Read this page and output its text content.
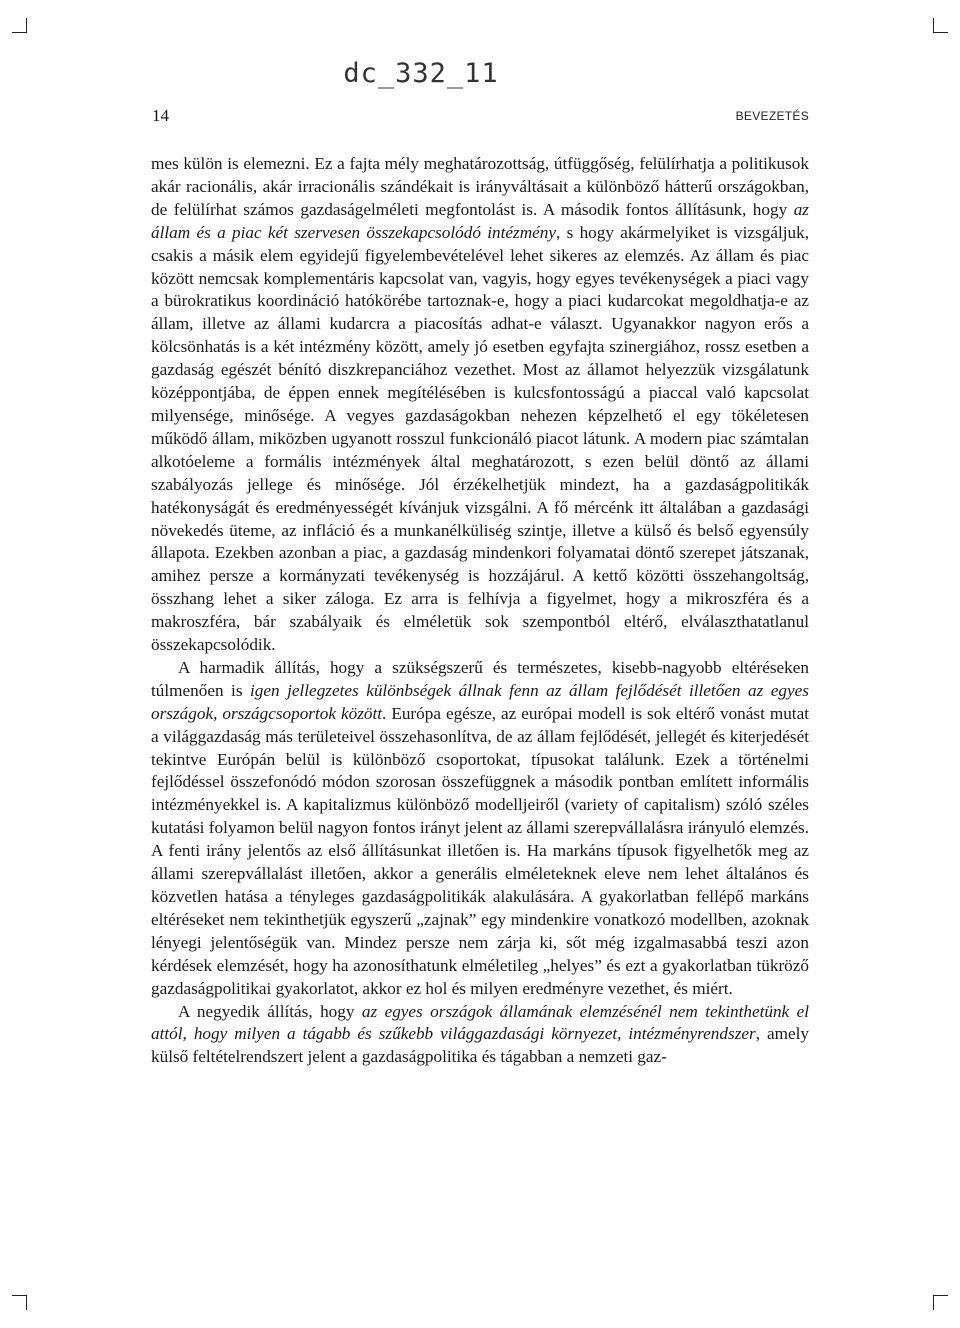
dc_332_11
14	BEVEZETÉS

mes külön is elemezni. Ez a fajta mély meghatározottság, útfüggőség, felülírhatja a politikusok akár racionális, akár irracionális szándékait is irányváltásait a különböző hátterű országokban, de felülírhat számos gazdaságelméleti megfontolást is. A második fontos állításunk, hogy az állam és a piac két szervesen összekapcsolódó intézmény, s hogy akármelyiket is vizsgáljuk, csakis a másik elem egyidejű figyelembevételével lehet sikeres az elemzés. Az állam és piac között nemcsak komplementáris kapcsolat van, vagyis, hogy egyes tevékenységek a piaci vagy a bürokratikus koordináció hatókörébe tartoznak-e, hogy a piaci kudarcokat megoldhatja-e az állam, illetve az állami kudarcra a piacosítás adhat-e választ. Ugyanakkor nagyon erős a kölcsönhatás is a két intézmény között, amely jó esetben egyfajta szinergiához, rossz esetben a gazdaság egészét bénító diszkrepanciához vezethet. Most az államot helyezzük vizsgálatunk középpontjába, de éppen ennek megítélésében is kulcsfontosságú a piaccal való kapcsolat milyensége, minősége. A vegyes gazdaságokban nehezen képzelhető el egy tökéletesen működő állam, miközben ugyanott rosszul funkcionáló piacot látunk. A modern piac számtalan alkotóeleme a formális intézmények által meghatározott, s ezen belül döntő az állami szabályozás jellege és minősége. Jól érzékelhetjük mindezt, ha a gazdaságpolitikák hatékonyságát és eredményességét kívánjuk vizsgálni. A fő mércénk itt általában a gazdasági növekedés üteme, az infláció és a munkanélküliség szintje, illetve a külső és belső egyensúly állapota. Ezekben azonban a piac, a gazdaság mindenkori folyamatai döntő szerepet játszanak, amihez persze a kormányzati tevékenység is hozzájárul. A kettő közötti összehangoltság, összhang lehet a siker záloga. Ez arra is felhívja a figyelmet, hogy a mikroszféra és a makroszféra, bár szabályaik és elméletük sok szempontból eltérő, elválaszthatatlanul összekapcsolódik.

A harmadik állítás, hogy a szükségszerű és természetes, kisebb-nagyobb eltéréseken túlmenően is igen jellegzetes különbségek állnak fenn az állam fejlődését illetően az egyes országok, országcsoportok között. Európa egésze, az európai modell is sok eltérő vonást mutat a világgazdaság más területeivel összehasonlítva, de az állam fejlődését, jellegét és kiterjedését tekintve Európán belül is különböző csoportokat, típusokat találunk. Ezek a történelmi fejlődéssel összefonódó módon szorosan összefüggnek a második pontban említett informális intézményekkel is. A kapitalizmus különböző modelljeiről (variety of capitalism) szóló széles kutatási folyamon belül nagyon fontos irányt jelent az állami szerepvállalásra irányuló elemzés. A fenti irány jelentős az első állításunkat illetően is. Ha markáns típusok figyelhetők meg az állami szerepvállalást illetően, akkor a generális elméleteknek eleve nem lehet általános és közvetlen hatása a tényleges gazdaságpolitikák alakulására. A gyakorlatban fellépő markáns eltéréseket nem tekinthetjük egyszerű „zajnak” egy mindenkire vonatkozó modellben, azoknak lényegi jelentőségük van. Mindez persze nem zárja ki, sőt még izgalmasabbá teszi azon kérdések elemzését, hogy ha azonosíthatunk elméletileg „helyes” és ezt a gyakorlatban tükröző gazdaságpolitikai gyakorlatot, akkor ez hol és milyen eredményre vezethet, és miért.

A negyedik állítás, hogy az egyes országok államának elemzésénél nem tekinthetünk el attól, hogy milyen a tágabb és szűkebb világgazdasági környezet, intézményrendszer, amely külső feltételrendszert jelent a gazdaságpolitika és tágabban a nemzeti gaz-
